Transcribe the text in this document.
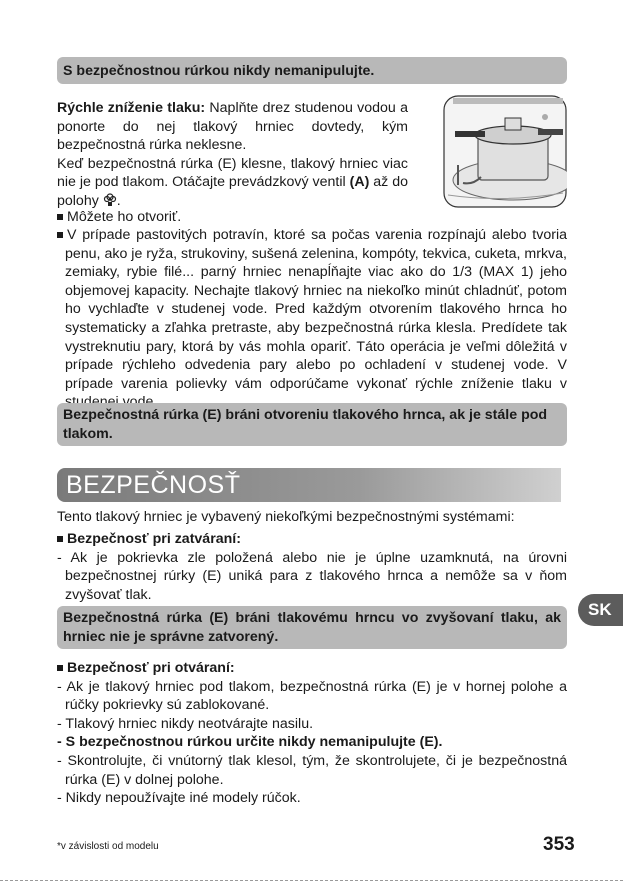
S bezpečnostnou rúrkou nikdy nemanipulujte.
Rýchle zníženie tlaku: Naplňte drez studenou vodou a ponorte do nej tlakový hrniec dovtedy, kým bezpečnostná rúrka neklesne.
Keď bezpečnostná rúrka (E) klesne, tlakový hrniec viac nie je pod tlakom. Otáčajte prevádzkový ventil (A) až do polohy .
Môžete ho otvoriť.
V prípade pastovitých potravín, ktoré sa počas varenia rozpínajú alebo tvoria penu, ako je ryža, strukoviny, sušená zelenina, kompóty, tekvica, cuketa, mrkva, zemiaky, rybie filé... parný hrniec nenapĺňajte viac ako do 1/3 (MAX 1) jeho objemovej kapacity. Nechajte tlakový hrniec na niekoľko minút chladnúť, potom ho vychlaďte v studenej vode. Pred každým otvorením tlakového hrnca ho systematicky a zľahka pretraste, aby bezpečnostná rúrka klesla. Predídete tak vystreknutiu pary, ktorá by vás mohla opariť. Táto operácia je veľmi dôležitá v prípade rýchleho odvedenia pary alebo po ochladení v studenej vode. V prípade varenia polievky vám odporúčame vykonať rýchle zníženie tlaku v
Bezpečnostná rúrka (E) bráni otvoreniu tlakového hrnca, ak je stále pod tlakom.
BEZPEČNOSŤ
Tento tlakový hrniec je vybavený niekoľkými bezpečnostnými systémami:
Bezpečnosť pri zatváraní:
- Ak je pokrievka zle položená alebo nie je úplne uzamknutá, na úrovni bezpečnostnej rúrky (E) uniká para z tlakového hrnca a nemôže sa v ňom zvyšovať tlak.
Bezpečnostná rúrka (E) bráni tlakovému hrncu vo zvyšovaní tlaku, ak hrniec nie je správne zatvorený.
SK
Bezpečnosť pri otváraní:
- Ak je tlakový hrniec pod tlakom, bezpečnostná rúrka (E) je v hornej polohe a rúčky pokrievky sú zablokované.
- Tlakový hrniec nikdy neotvárajte nasilu.
- S bezpečnostnou rúrkou určite nikdy nemanipulujte (E).
- Skontrolujte, či vnútorný tlak klesol, tým, že skontrolujete, či je bezpečnostná rúrka (E) v dolnej polohe.
- Nikdy nepoužívajte iné modely rúčok.
*v závislosti od modelu	353
